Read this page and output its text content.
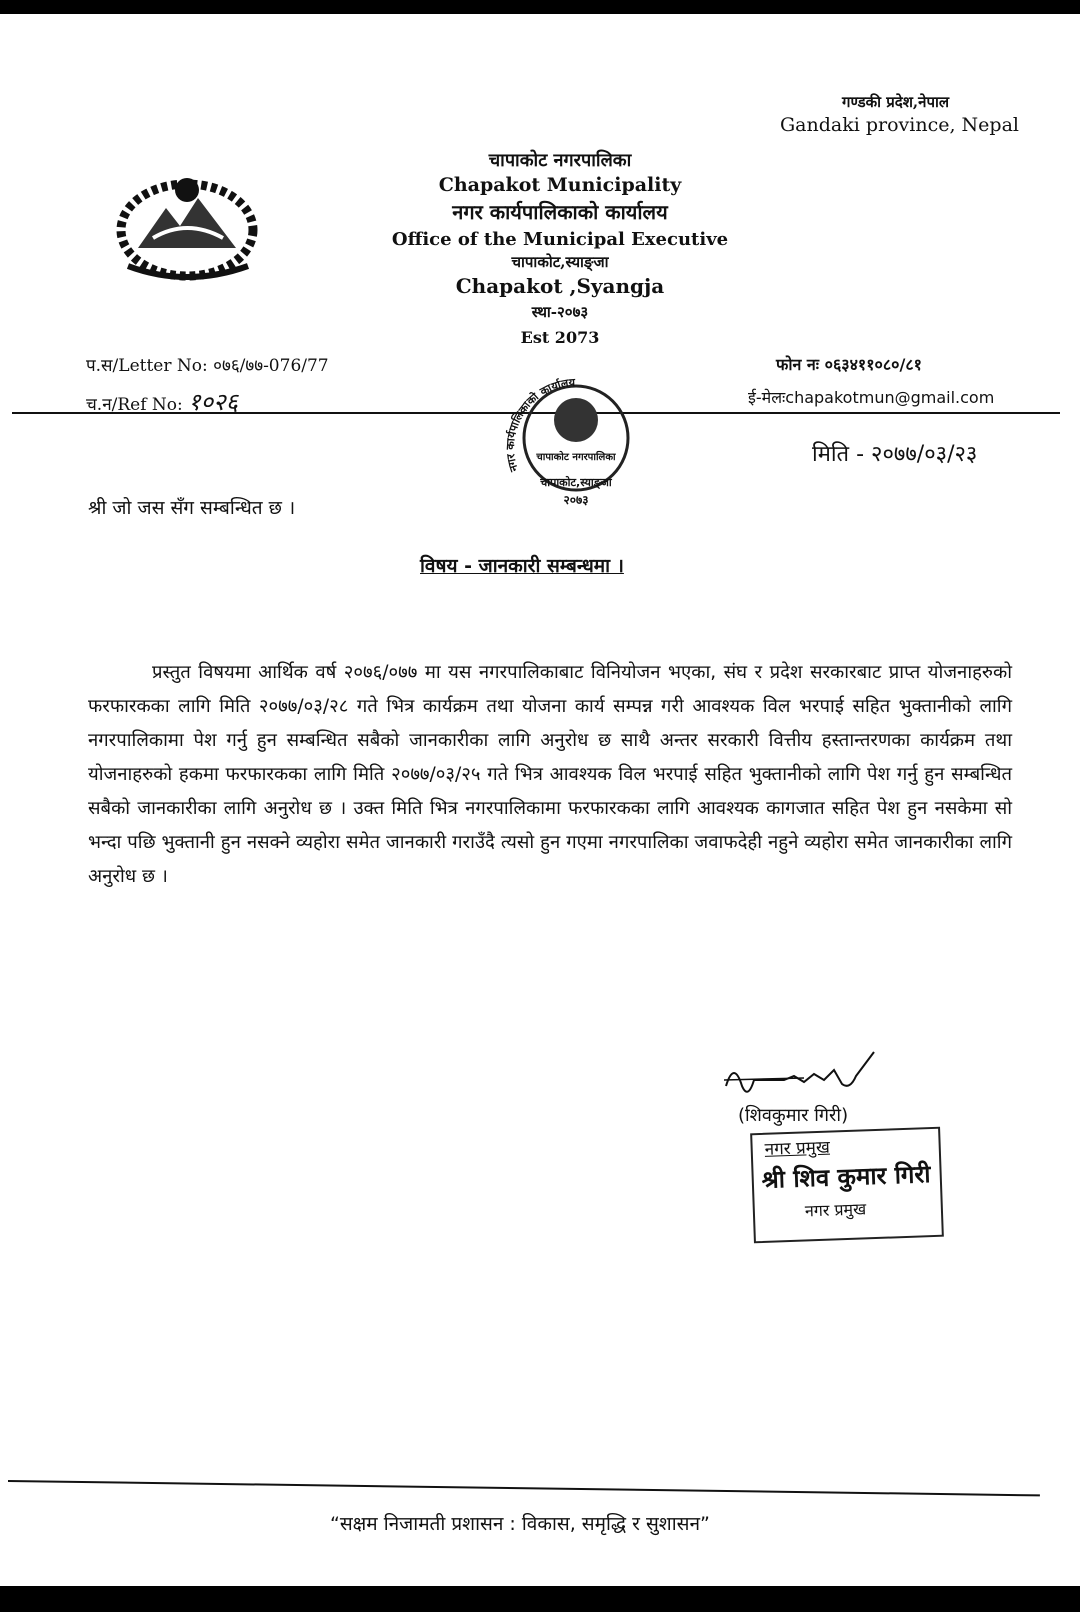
गण्डकी प्रदेश,नेपाल
Gandaki province, Nepal
चापाकोट नगरपालिका
Chapakot Municipality
नगर कार्यपालिकाको कार्यालय
Office of the Municipal Executive
चापाकोट,स्याङ्जा
Chapakot ,Syangja
स्था-२०७३
Est 2073
प.स/Letter No: ०७६/७७-076/77
च.न/Ref No: १०२६
फोन नः ०६३४११०८०/८१
ई-मेलःchapakotmun@gmail.com
नगर कार्यपालिकाको कार्यालय
चापाकोट नगरपालिका
चापाकोट,स्याङ्जा
२०७३
मिति - २०७७/०३/२३
श्री जो जस सँग सम्बन्धित छ ।
विषय - जानकारी सम्बन्धमा ।

प्रस्तुत विषयमा आर्थिक वर्ष २०७६/०७७ मा यस नगरपालिकाबाट विनियोजन भएका, संघ र प्रदेश सरकारबाट प्राप्त योजनाहरुको फरफारकका लागि मिति २०७७/०३/२८ गते भित्र कार्यक्रम तथा योजना कार्य सम्पन्न गरी आवश्यक विल भरपाई सहित भुक्तानीको लागि नगरपालिकामा पेश गर्नु हुन सम्बन्धित सबैको जानकारीका लागि अनुरोध छ साथै अन्तर सरकारी वित्तीय हस्तान्तरणका कार्यक्रम तथा योजनाहरुको हकमा फरफारकका लागि मिति २०७७/०३/२५ गते भित्र आवश्यक विल भरपाई सहित भुक्तानीको लागि पेश गर्नु हुन सम्बन्धित सबैको जानकारीका लागि अनुरोध छ । उक्त मिति भित्र नगरपालिकामा फरफारकका लागि आवश्यक कागजात सहित पेश हुन नसकेमा सो भन्दा पछि भुक्तानी हुन नसक्ने व्यहोरा समेत जानकारी गराउँदै त्यसो हुन गएमा नगरपालिका जवाफदेही नहुने व्यहोरा समेत जानकारीका लागि अनुरोध छ ।

(शिवकुमार गिरी)
नगर प्रमुख
श्री शिव कुमार गिरी
नगर प्रमुख
“सक्षम निजामती प्रशासन : विकास, समृद्धि र सुशासन”
